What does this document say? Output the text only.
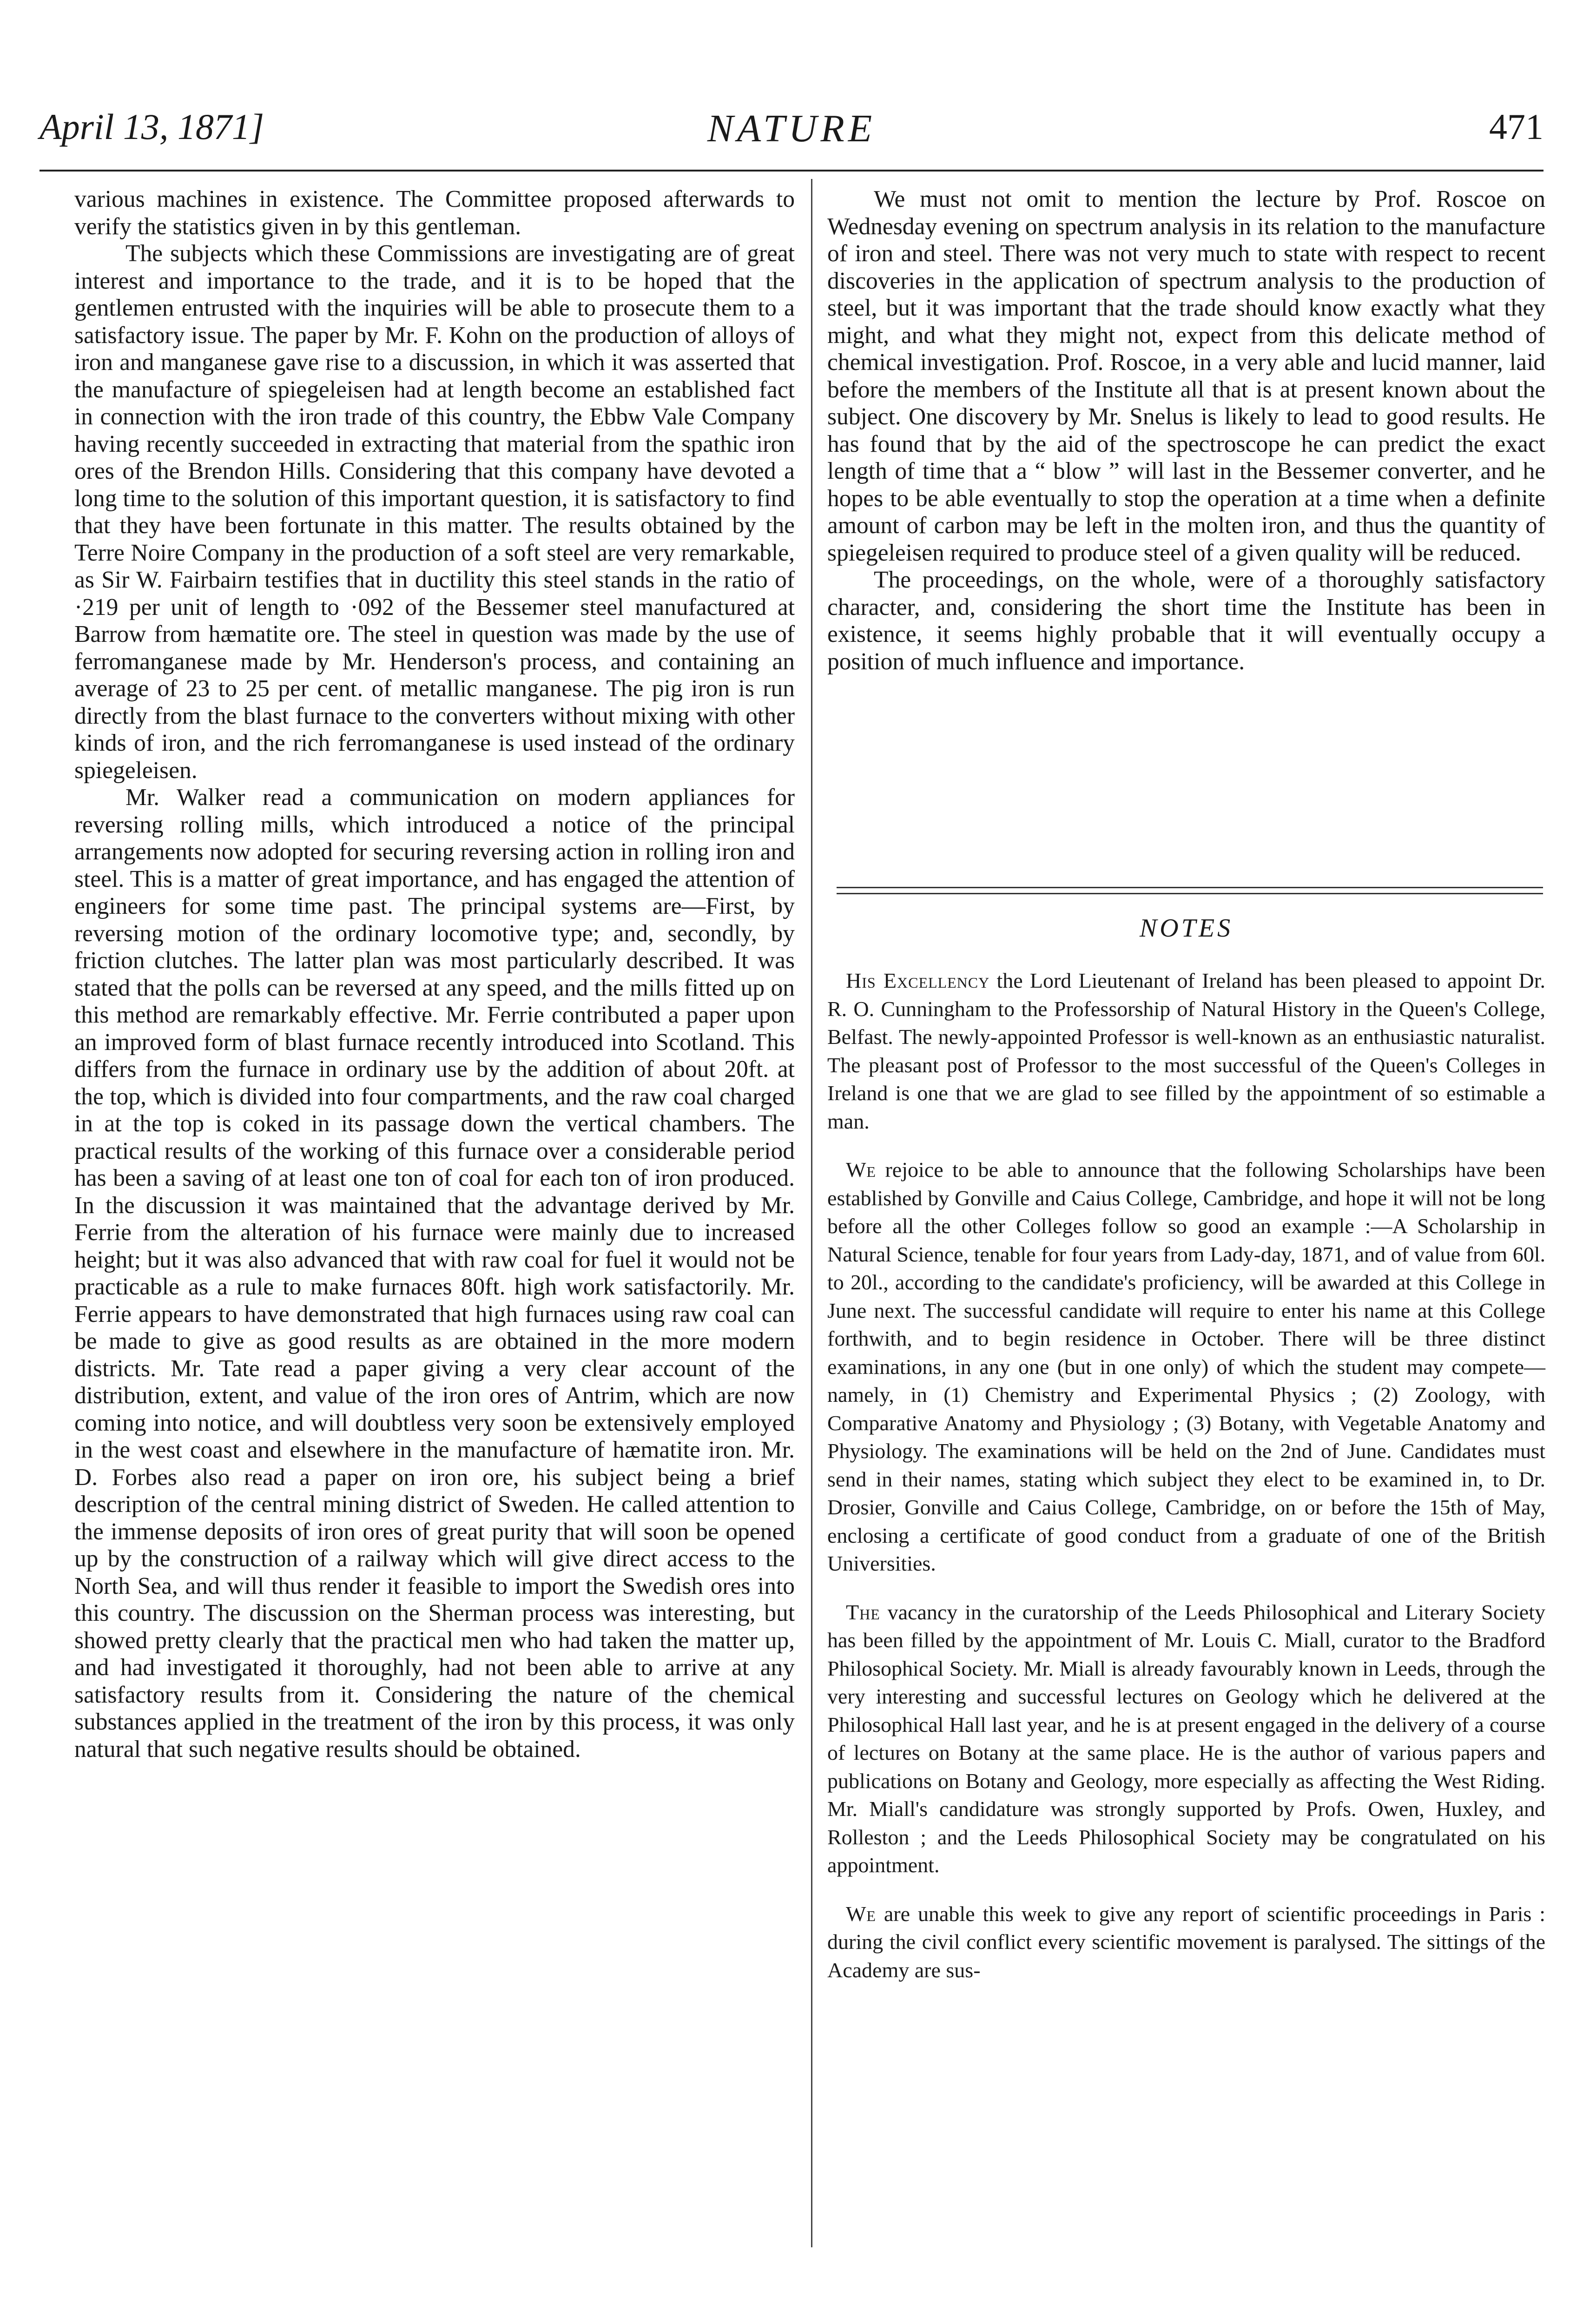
April 13, 1871]	NATURE	471

various machines in existence. The Committee proposed afterwards to verify the statistics given in by this gentleman.

The subjects which these Commissions are investigating are of great interest and importance to the trade, and it is to be hoped that the gentlemen entrusted with the inquiries will be able to prosecute them to a satisfactory issue. The paper by Mr. F. Kohn on the production of alloys of iron and manganese gave rise to a discussion, in which it was asserted that the manufacture of spiegeleisen had at length become an established fact in connection with the iron trade of this country, the Ebbw Vale Company having recently succeeded in extracting that material from the spathic iron ores of the Brendon Hills. Considering that this company have devoted a long time to the solution of this important question, it is satisfactory to find that they have been fortunate in this matter. The results obtained by the Terre Noire Company in the production of a soft steel are very remarkable, as Sir W. Fairbairn testifies that in ductility this steel stands in the ratio of ·219 per unit of length to ·092 of the Bessemer steel manufactured at Barrow from hæmatite ore. The steel in question was made by the use of ferromanganese made by Mr. Henderson's process, and containing an average of 23 to 25 per cent. of metallic manganese. The pig iron is run directly from the blast furnace to the converters without mixing with other kinds of iron, and the rich ferromanganese is used instead of the ordinary spiegeleisen.

Mr. Walker read a communication on modern appliances for reversing rolling mills, which introduced a notice of the principal arrangements now adopted for securing reversing action in rolling iron and steel. This is a matter of great importance, and has engaged the attention of engineers for some time past. The principal systems are—First, by reversing motion of the ordinary locomotive type; and, secondly, by friction clutches. The latter plan was most particularly described. It was stated that the polls can be reversed at any speed, and the mills fitted up on this method are remarkably effective. Mr. Ferrie contributed a paper upon an improved form of blast furnace recently introduced into Scotland. This differs from the furnace in ordinary use by the addition of about 20ft. at the top, which is divided into four compartments, and the raw coal charged in at the top is coked in its passage down the vertical chambers. The practical results of the working of this furnace over a considerable period has been a saving of at least one ton of coal for each ton of iron produced. In the discussion it was maintained that the advantage derived by Mr. Ferrie from the alteration of his furnace were mainly due to increased height; but it was also advanced that with raw coal for fuel it would not be practicable as a rule to make furnaces 80ft. high work satisfactorily. Mr. Ferrie appears to have demonstrated that high furnaces using raw coal can be made to give as good results as are obtained in the more modern districts. Mr. Tate read a paper giving a very clear account of the distribution, extent, and value of the iron ores of Antrim, which are now coming into notice, and will doubtless very soon be extensively employed in the west coast and elsewhere in the manufacture of hæmatite iron. Mr. D. Forbes also read a paper on iron ore, his subject being a brief description of the central mining district of Sweden. He called attention to the immense deposits of iron ores of great purity that will soon be opened up by the construction of a railway which will give direct access to the North Sea, and will thus render it feasible to import the Swedish ores into this country. The discussion on the Sherman process was interesting, but showed pretty clearly that the practical men who had taken the matter up, and had investigated it thoroughly, had not been able to arrive at any satisfactory results from it. Considering the nature of the chemical substances applied in the treatment of the iron by this process, it was only natural that such negative results should be obtained.

We must not omit to mention the lecture by Prof. Roscoe on Wednesday evening on spectrum analysis in its relation to the manufacture of iron and steel. There was not very much to state with respect to recent discoveries in the application of spectrum analysis to the production of steel, but it was important that the trade should know exactly what they might, and what they might not, expect from this delicate method of chemical investigation. Prof. Roscoe, in a very able and lucid manner, laid before the members of the Institute all that is at present known about the subject. One discovery by Mr. Snelus is likely to lead to good results. He has found that by the aid of the spectroscope he can predict the exact length of time that a “ blow ” will last in the Bessemer converter, and he hopes to be able eventually to stop the operation at a time when a definite amount of carbon may be left in the molten iron, and thus the quantity of spiegeleisen required to produce steel of a given quality will be reduced.

The proceedings, on the whole, were of a thoroughly satisfactory character, and, considering the short time the Institute has been in existence, it seems highly probable that it will eventually occupy a position of much influence and importance.

NOTES

His Excellency the Lord Lieutenant of Ireland has been pleased to appoint Dr. R. O. Cunningham to the Professorship of Natural History in the Queen's College, Belfast. The newly-appointed Professor is well-known as an enthusiastic naturalist. The pleasant post of Professor to the most successful of the Queen's Colleges in Ireland is one that we are glad to see filled by the appointment of so estimable a man.

We rejoice to be able to announce that the following Scholarships have been established by Gonville and Caius College, Cambridge, and hope it will not be long before all the other Colleges follow so good an example :—A Scholarship in Natural Science, tenable for four years from Lady-day, 1871, and of value from 60l. to 20l., according to the candidate's proficiency, will be awarded at this College in June next. The successful candidate will require to enter his name at this College forthwith, and to begin residence in October. There will be three distinct examinations, in any one (but in one only) of which the student may compete—namely, in (1) Chemistry and Experimental Physics ; (2) Zoology, with Comparative Anatomy and Physiology ; (3) Botany, with Vegetable Anatomy and Physiology. The examinations will be held on the 2nd of June. Candidates must send in their names, stating which subject they elect to be examined in, to Dr. Drosier, Gonville and Caius College, Cambridge, on or before the 15th of May, enclosing a certificate of good conduct from a graduate of one of the British Universities.

The vacancy in the curatorship of the Leeds Philosophical and Literary Society has been filled by the appointment of Mr. Louis C. Miall, curator to the Bradford Philosophical Society. Mr. Miall is already favourably known in Leeds, through the very interesting and successful lectures on Geology which he delivered at the Philosophical Hall last year, and he is at present engaged in the delivery of a course of lectures on Botany at the same place. He is the author of various papers and publications on Botany and Geology, more especially as affecting the West Riding. Mr. Miall's candidature was strongly supported by Profs. Owen, Huxley, and Rolleston ; and the Leeds Philosophical Society may be congratulated on his appointment.

We are unable this week to give any report of scientific proceedings in Paris : during the civil conflict every scientific movement is paralysed. The sittings of the Academy are sus-
